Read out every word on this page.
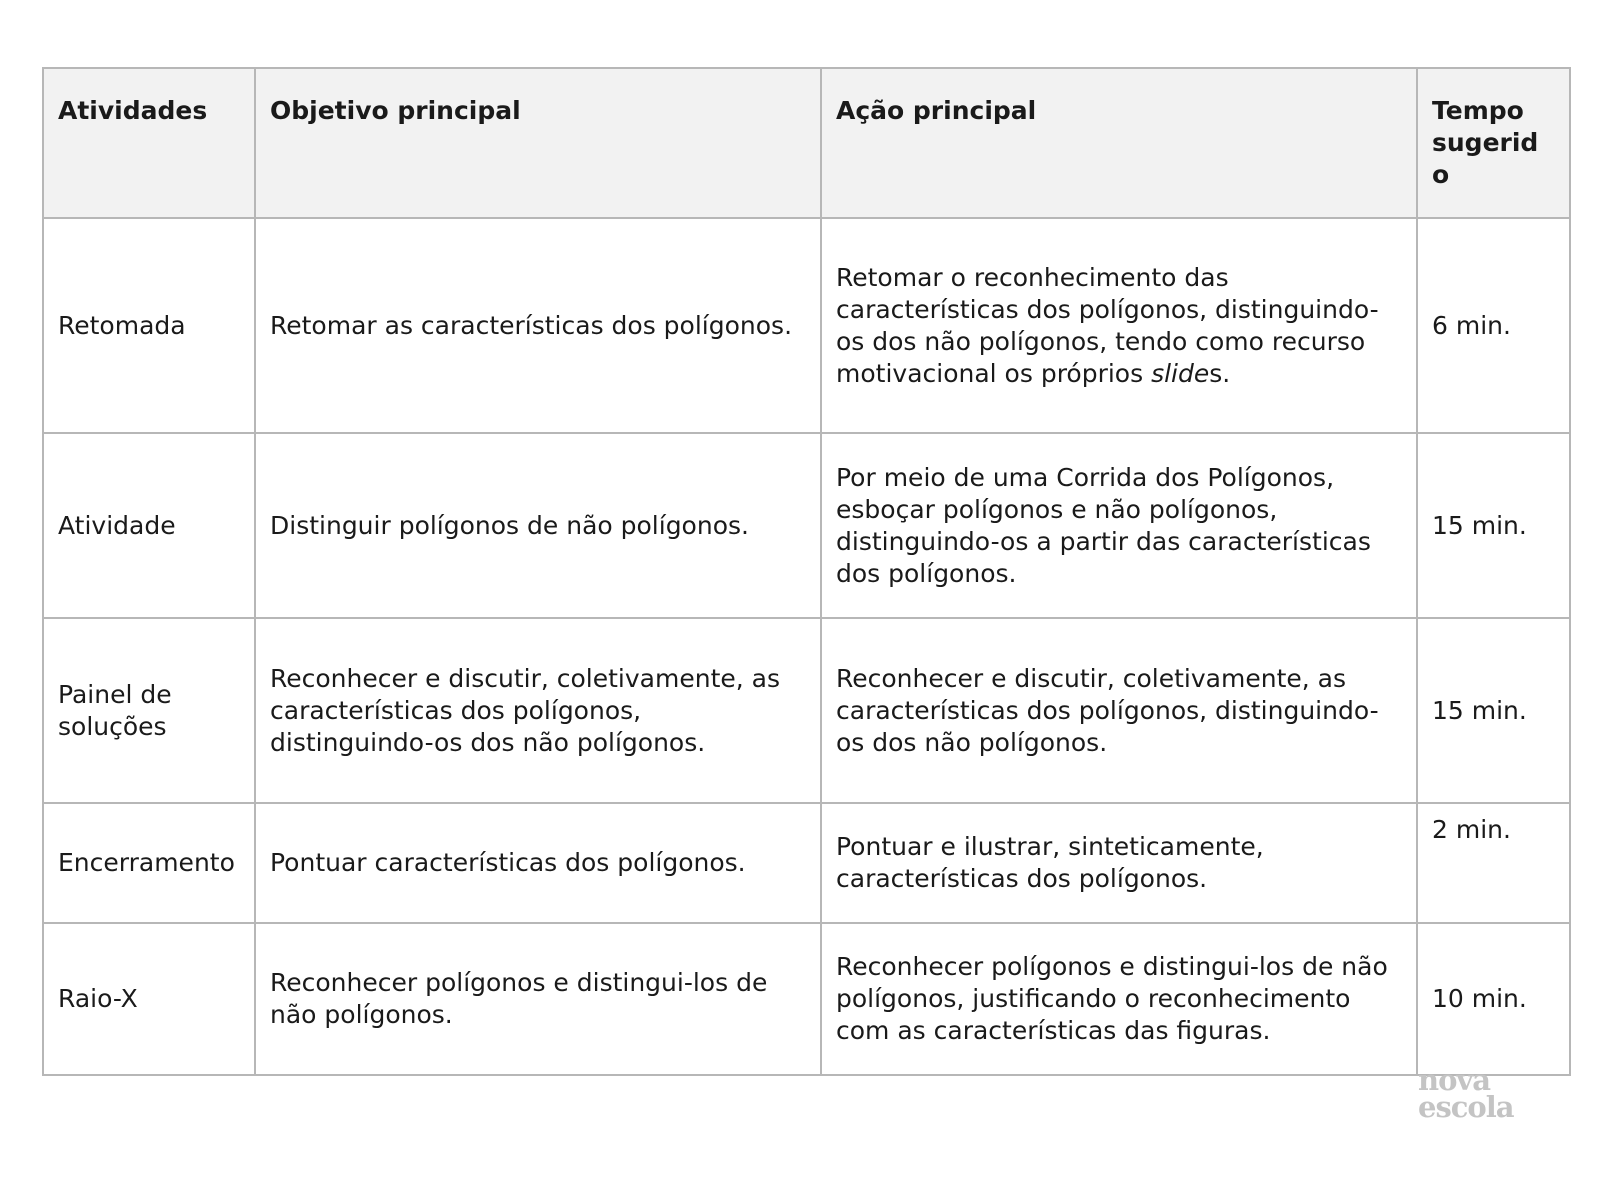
Atividades	Objetivo principal	Ação principal	Tempo sugerido
Retomada	Retomar as características dos polígonos.	Retomar o reconhecimento das características dos polígonos, distinguindo-os dos não polígonos, tendo como recurso motivacional os próprios slides.	6 min.
Atividade	Distinguir polígonos de não polígonos.	Por meio de uma Corrida dos Polígonos, esboçar polígonos e não polígonos, distinguindo-os a partir das características dos polígonos.	15 min.
Painel de soluções	Reconhecer e discutir, coletivamente, as características dos polígonos, distinguindo-os dos não polígonos.	Reconhecer e discutir, coletivamente, as características dos polígonos, distinguindo-os dos não polígonos.	15 min.
Encerramento	Pontuar características dos polígonos.	Pontuar e ilustrar, sinteticamente, características dos polígonos.	2 min.
Raio-X	Reconhecer polígonos e distingui-los de não polígonos.	Reconhecer polígonos e distingui-los de não polígonos, justificando o reconhecimento com as características das figuras.	10 min.
nova
escola
